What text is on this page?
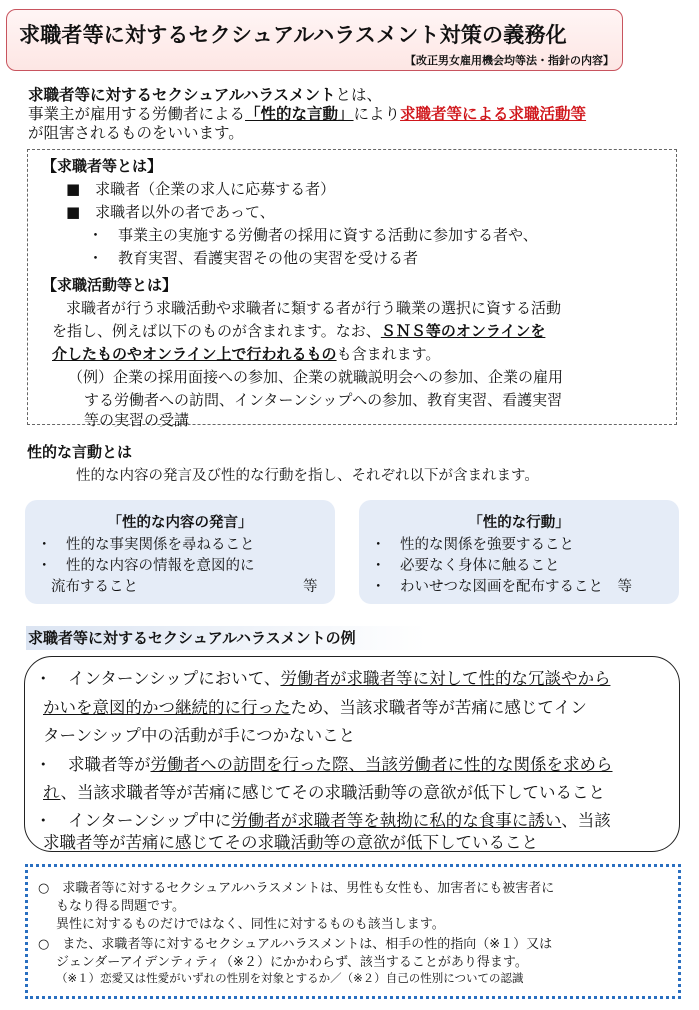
求職者等に対するセクシュアルハラスメント対策の義務化
【改正男女雇用機会均等法・指針の内容】
求職者等に対するセクシュアルハラスメントとは、
事業主が雇用する労働者による「性的な言動」により求職者等による求職活動等
が阻害されるものをいいます。
【求職者等とは】
■　求職者（企業の求人に応募する者）
■　求職者以外の者であって、
・　事業主の実施する労働者の採用に資する活動に参加する者や、
・　教育実習、看護実習その他の実習を受ける者
【求職活動等とは】
求職者が行う求職活動や求職者に類する者が行う職業の選択に資する活動
を指し、例えば以下のものが含まれます。なお、ＳＮＳ等のオンラインを
介したものやオンライン上で行われるものも含まれます。
（例）企業の採用面接への参加、企業の就職説明会への参加、企業の雇用
する労働者への訪問、インターンシップへの参加、教育実習、看護実習
等の実習の受講
性的な言動とは
性的な内容の発言及び性的な行動を指し、それぞれ以下が含まれます。
「性的な内容の発言」
・　性的な事実関係を尋ねること
・　性的な内容の情報を意図的に
流布すること	等
「性的な行動」
・　性的な関係を強要すること
・　必要なく身体に触ること
・　わいせつな図画を配布すること　等
求職者等に対するセクシュアルハラスメントの例
・　インターンシップにおいて、労働者が求職者等に対して性的な冗談やから
かいを意図的かつ継続的に行ったため、当該求職者等が苦痛に感じてイン
ターンシップ中の活動が手につかないこと
・　求職者等が労働者への訪問を行った際、当該労働者に性的な関係を求めら
れ、当該求職者等が苦痛に感じてその求職活動等の意欲が低下していること
・　インターンシップ中に労働者が求職者等を執拗に私的な食事に誘い、当該
求職者等が苦痛に感じてその求職活動等の意欲が低下していること
○　求職者等に対するセクシュアルハラスメントは、男性も女性も、加害者にも被害者に
もなり得る問題です。
異性に対するものだけではなく、同性に対するものも該当します。
○　また、求職者等に対するセクシュアルハラスメントは、相手の性的指向（※１）又は
ジェンダーアイデンティティ（※２）にかかわらず、該当することがあり得ます。
（※１）恋愛又は性愛がいずれの性別を対象とするか／（※２）自己の性別についての認識
